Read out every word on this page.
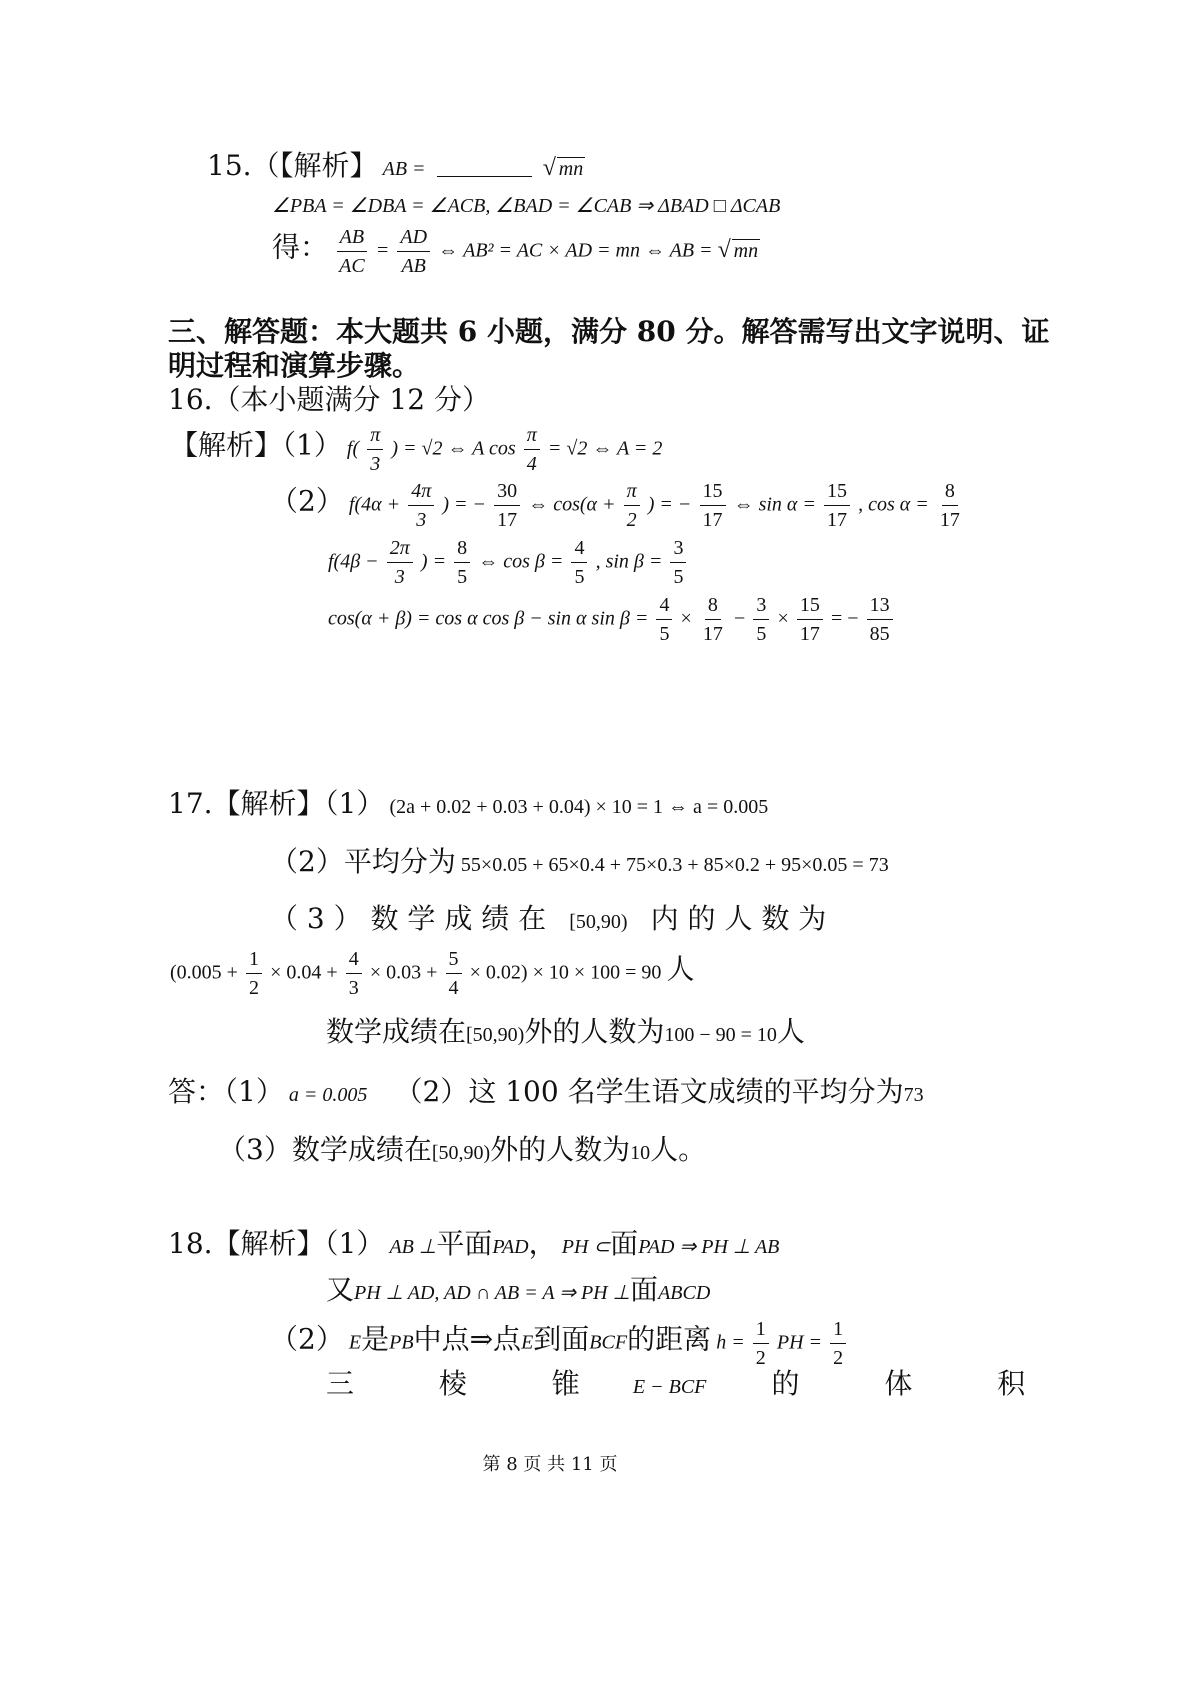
15.（【解析】 AB =	√ mn
∠PBA = ∠DBA = ∠ACB, ∠BAD = ∠CAB ⇒ ΔBAD □ ΔCAB
得： $\frac{AB}{AC} = \frac{AD}{AB}$ ⇔ AB² = AC × AD = mn ⇔ AB = √ mn
三、解答题：本大题共 6 小题，满分 80 分。解答需写出文字说明、证
明过程和演算步骤。
16.（本小题满分 12 分）
【解析】（1） $f( \frac{\pi}{3}$ ) = √2 ⇔ A $\cos \frac{\pi}{4} = √2$ ⇔ A = 2
（2） $f(4\alpha + \frac{4\pi}{3}$ ) = − $\frac{30}{17}$ ⇔ $\cos(\alpha + \frac{\pi}{2}$ ) = − $\frac{15}{17}$ ⇔ $\sin \alpha = \frac{15}{17}$ , $\cos \alpha = \frac{8}{17}$
$f(4\beta - \frac{2\pi}{3}$ ) = $\frac{8}{5}$ ⇔ $\cos \beta = \frac{4}{5}$ , $\sin \beta = \frac{3}{5}$
cos(α + β) = cos α cos β − sin α $\sin \beta = \frac{4}{5} \times \frac{8}{17} - \frac{3}{5} \times \frac{15}{17}$ = − $\frac{13}{85}$
17.【解析】（1） (2a + 0.02 + 0.03 + 0.04) × 10 = 1 ⇔ a = 0.005
（2）平均分为 55×0.05 + 65×0.4 + 75×0.3 + 85×0.2 + 95×0.05 = 73
（ 3 ） 数 学 成 绩 在 [50,90) 内 的 人 数 为
$(0.005 + \frac{1}{2} \times 0.04 + \frac{4}{3} \times 0.03 + \frac{5}{4} \times 0.02) \times 10 \times 100 = 90$ 人
数学成绩在[50,90)外的人数为100 − 90 = 10人
答：（1） a = 0.005 （2）这 100 名学生语文成绩的平均分为73
（3）数学成绩在[50,90)外的人数为10人。
18.【解析】（1） AB ⊥平面PAD， PH ⊂面PAD ⇒ PH ⊥ AB
又PH ⊥ AD, AD ∩ AB = A ⇒ PH ⊥面ABCD
（2） E是PB中点⇒点E到面BCF的距离 $h = \frac{1}{2}$ PH = $\frac{1}{2}$
三 棱 锥 E − BCF 的 体 积
第 8 页 共 11 页
